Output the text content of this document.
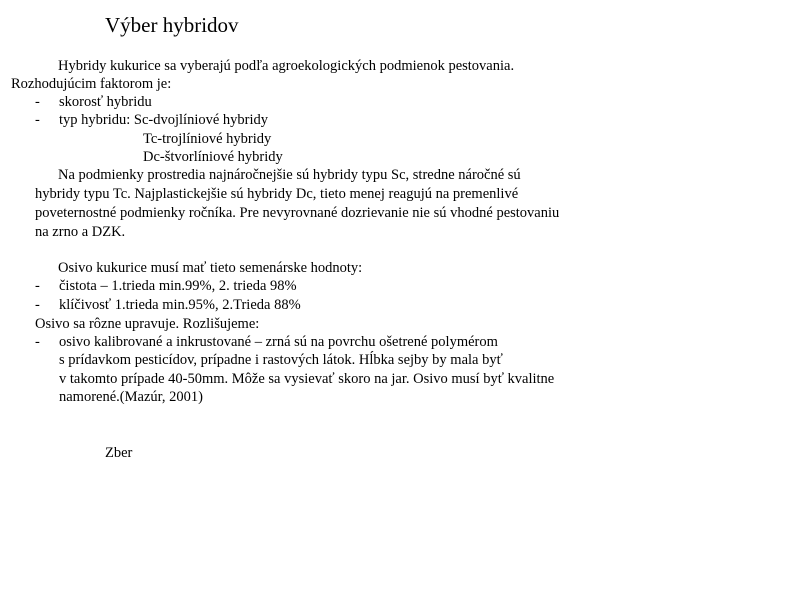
Výber hybridov
Hybridy kukurice sa vyberajú podľa agroekologických podmienok pestovania.
Rozhodujúcim faktorom je:
- skorosť hybridu
- typ hybridu: Sc-dvojlíniové hybridy
Tc-trojlíniové hybridy
Dc-štvorlíniové hybridy
Na podmienky prostredia najnáročnejšie sú hybridy typu Sc, stredne náročné sú
hybridy typu Tc. Najplastickejšie sú hybridy Dc, tieto menej reagujú na premenlivé
poveternostné podmienky ročníka. Pre nevyrovnané dozrievanie nie sú vhodné pestovaniu
na zrno a DZK.
Osivo kukurice musí mať tieto semenárske hodnoty:
- čistota – 1.trieda min.99%, 2. trieda 98%
- klíčivosť 1.trieda min.95%, 2.Trieda 88%
Osivo sa rôzne upravuje. Rozlišujeme:
- osivo kalibrované a inkrustované – zrná sú na povrchu ošetrené polymérom
s prídavkom pesticídov, prípadne i rastových látok. Hĺbka sejby by mala byť
v takomto prípade 40-50mm. Môže sa vysievať skoro na jar. Osivo musí byť kvalitne
namorené.(Mazúr, 2001)
Zber
